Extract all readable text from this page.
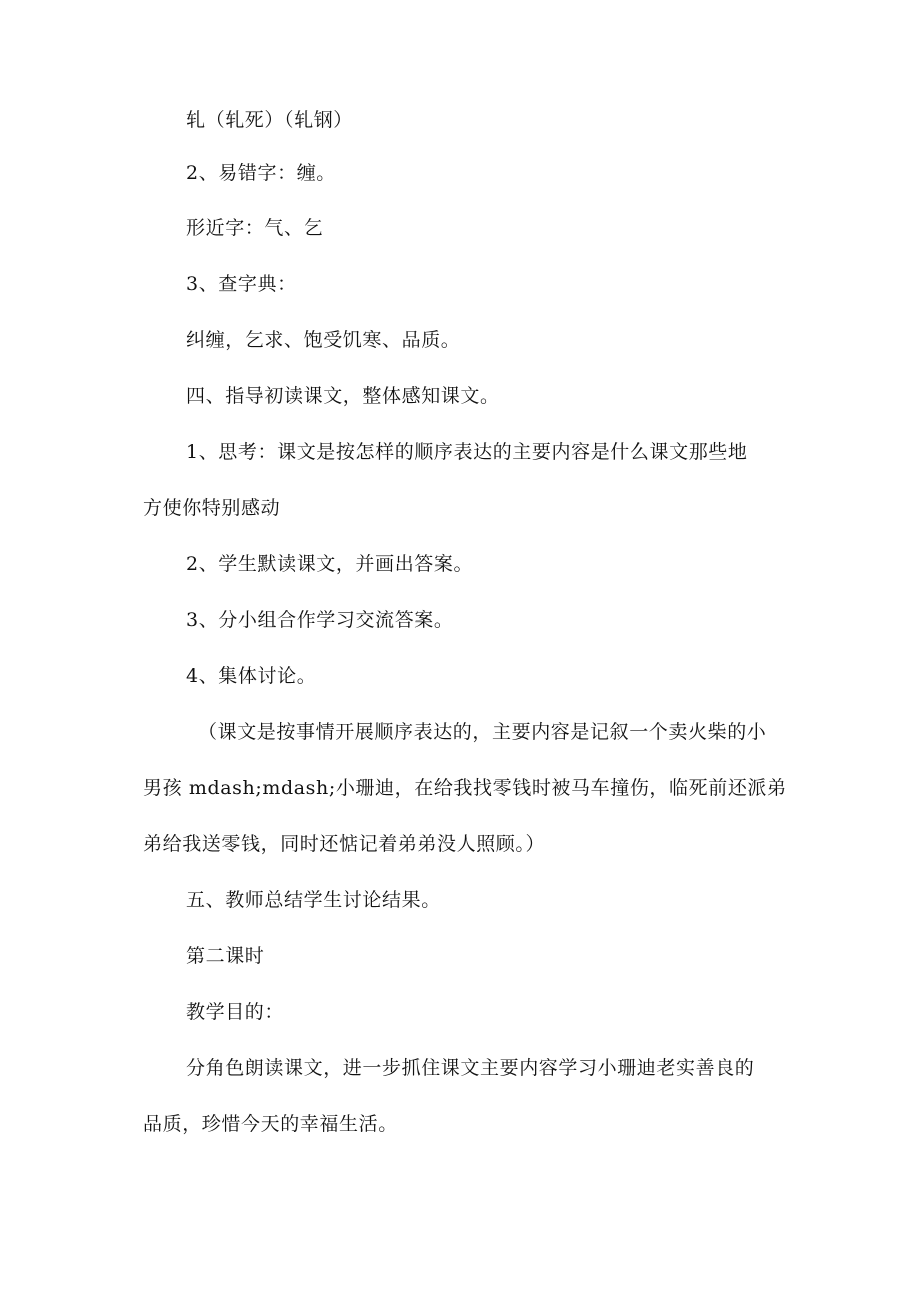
轧（轧死）（轧钢）
2、易错字：缠。
形近字：气、乞
3、查字典：
纠缠，乞求、饱受饥寒、品质。
四、指导初读课文，整体感知课文。
1、思考：课文是按怎样的顺序表达的主要内容是什么课文那些地
方使你特别感动
2、学生默读课文，并画出答案。
3、分小组合作学习交流答案。
4、集体讨论。
（课文是按事情开展顺序表达的，主要内容是记叙一个卖火柴的小
男孩 mdash;mdash;小珊迪，在给我找零钱时被马车撞伤，临死前还派弟
弟给我送零钱，同时还惦记着弟弟没人照顾。）
五、教师总结学生讨论结果。
第二课时
教学目的：
分角色朗读课文，进一步抓住课文主要内容学习小珊迪老实善良的
品质，珍惜今天的幸福生活。
